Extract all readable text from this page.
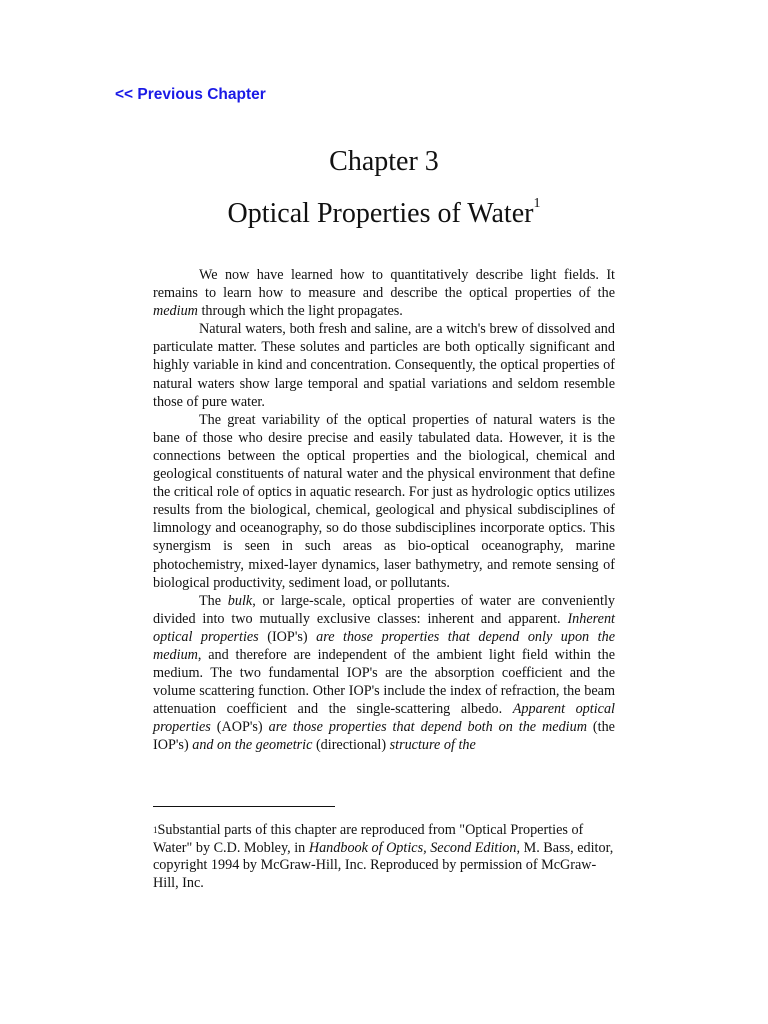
<< Previous Chapter
Chapter 3
Optical Properties of Water$^1$

We now have learned how to quantitatively describe light fields. It remains to learn how to measure and describe the optical properties of the medium through which the light propagates.

Natural waters, both fresh and saline, are a witch's brew of dissolved and particulate matter. These solutes and particles are both optically significant and highly variable in kind and concentration. Consequently, the optical properties of natural waters show large temporal and spatial variations and seldom resemble those of pure water.

The great variability of the optical properties of natural waters is the bane of those who desire precise and easily tabulated data. However, it is the connections between the optical properties and the biological, chemical and geological constituents of natural water and the physical environment that define the critical role of optics in aquatic research. For just as hydrologic optics utilizes results from the biological, chemical, geological and physical subdisciplines of limnology and oceanography, so do those subdisciplines incorporate optics. This synergism is seen in such areas as bio-optical oceanography, marine photochemistry, mixed-layer dynamics, laser bathymetry, and remote sensing of biological productivity, sediment load, or pollutants.

The bulk, or large-scale, optical properties of water are conveniently divided into two mutually exclusive classes: inherent and apparent. Inherent optical properties (IOP's) are those properties that depend only upon the medium, and therefore are independent of the ambient light field within the medium. The two fundamental IOP's are the absorption coefficient and the volume scattering function. Other IOP's include the index of refraction, the beam attenuation coefficient and the single-scattering albedo. Apparent optical properties (AOP's) are those properties that depend both on the medium (the IOP's) and on the geometric (directional) structure of the

$^1$Substantial parts of this chapter are reproduced from "Optical Properties of Water" by C.D. Mobley, in Handbook of Optics, Second Edition, M. Bass, editor, copyright 1994 by McGraw-Hill, Inc. Reproduced by permission of McGraw-Hill, Inc.
